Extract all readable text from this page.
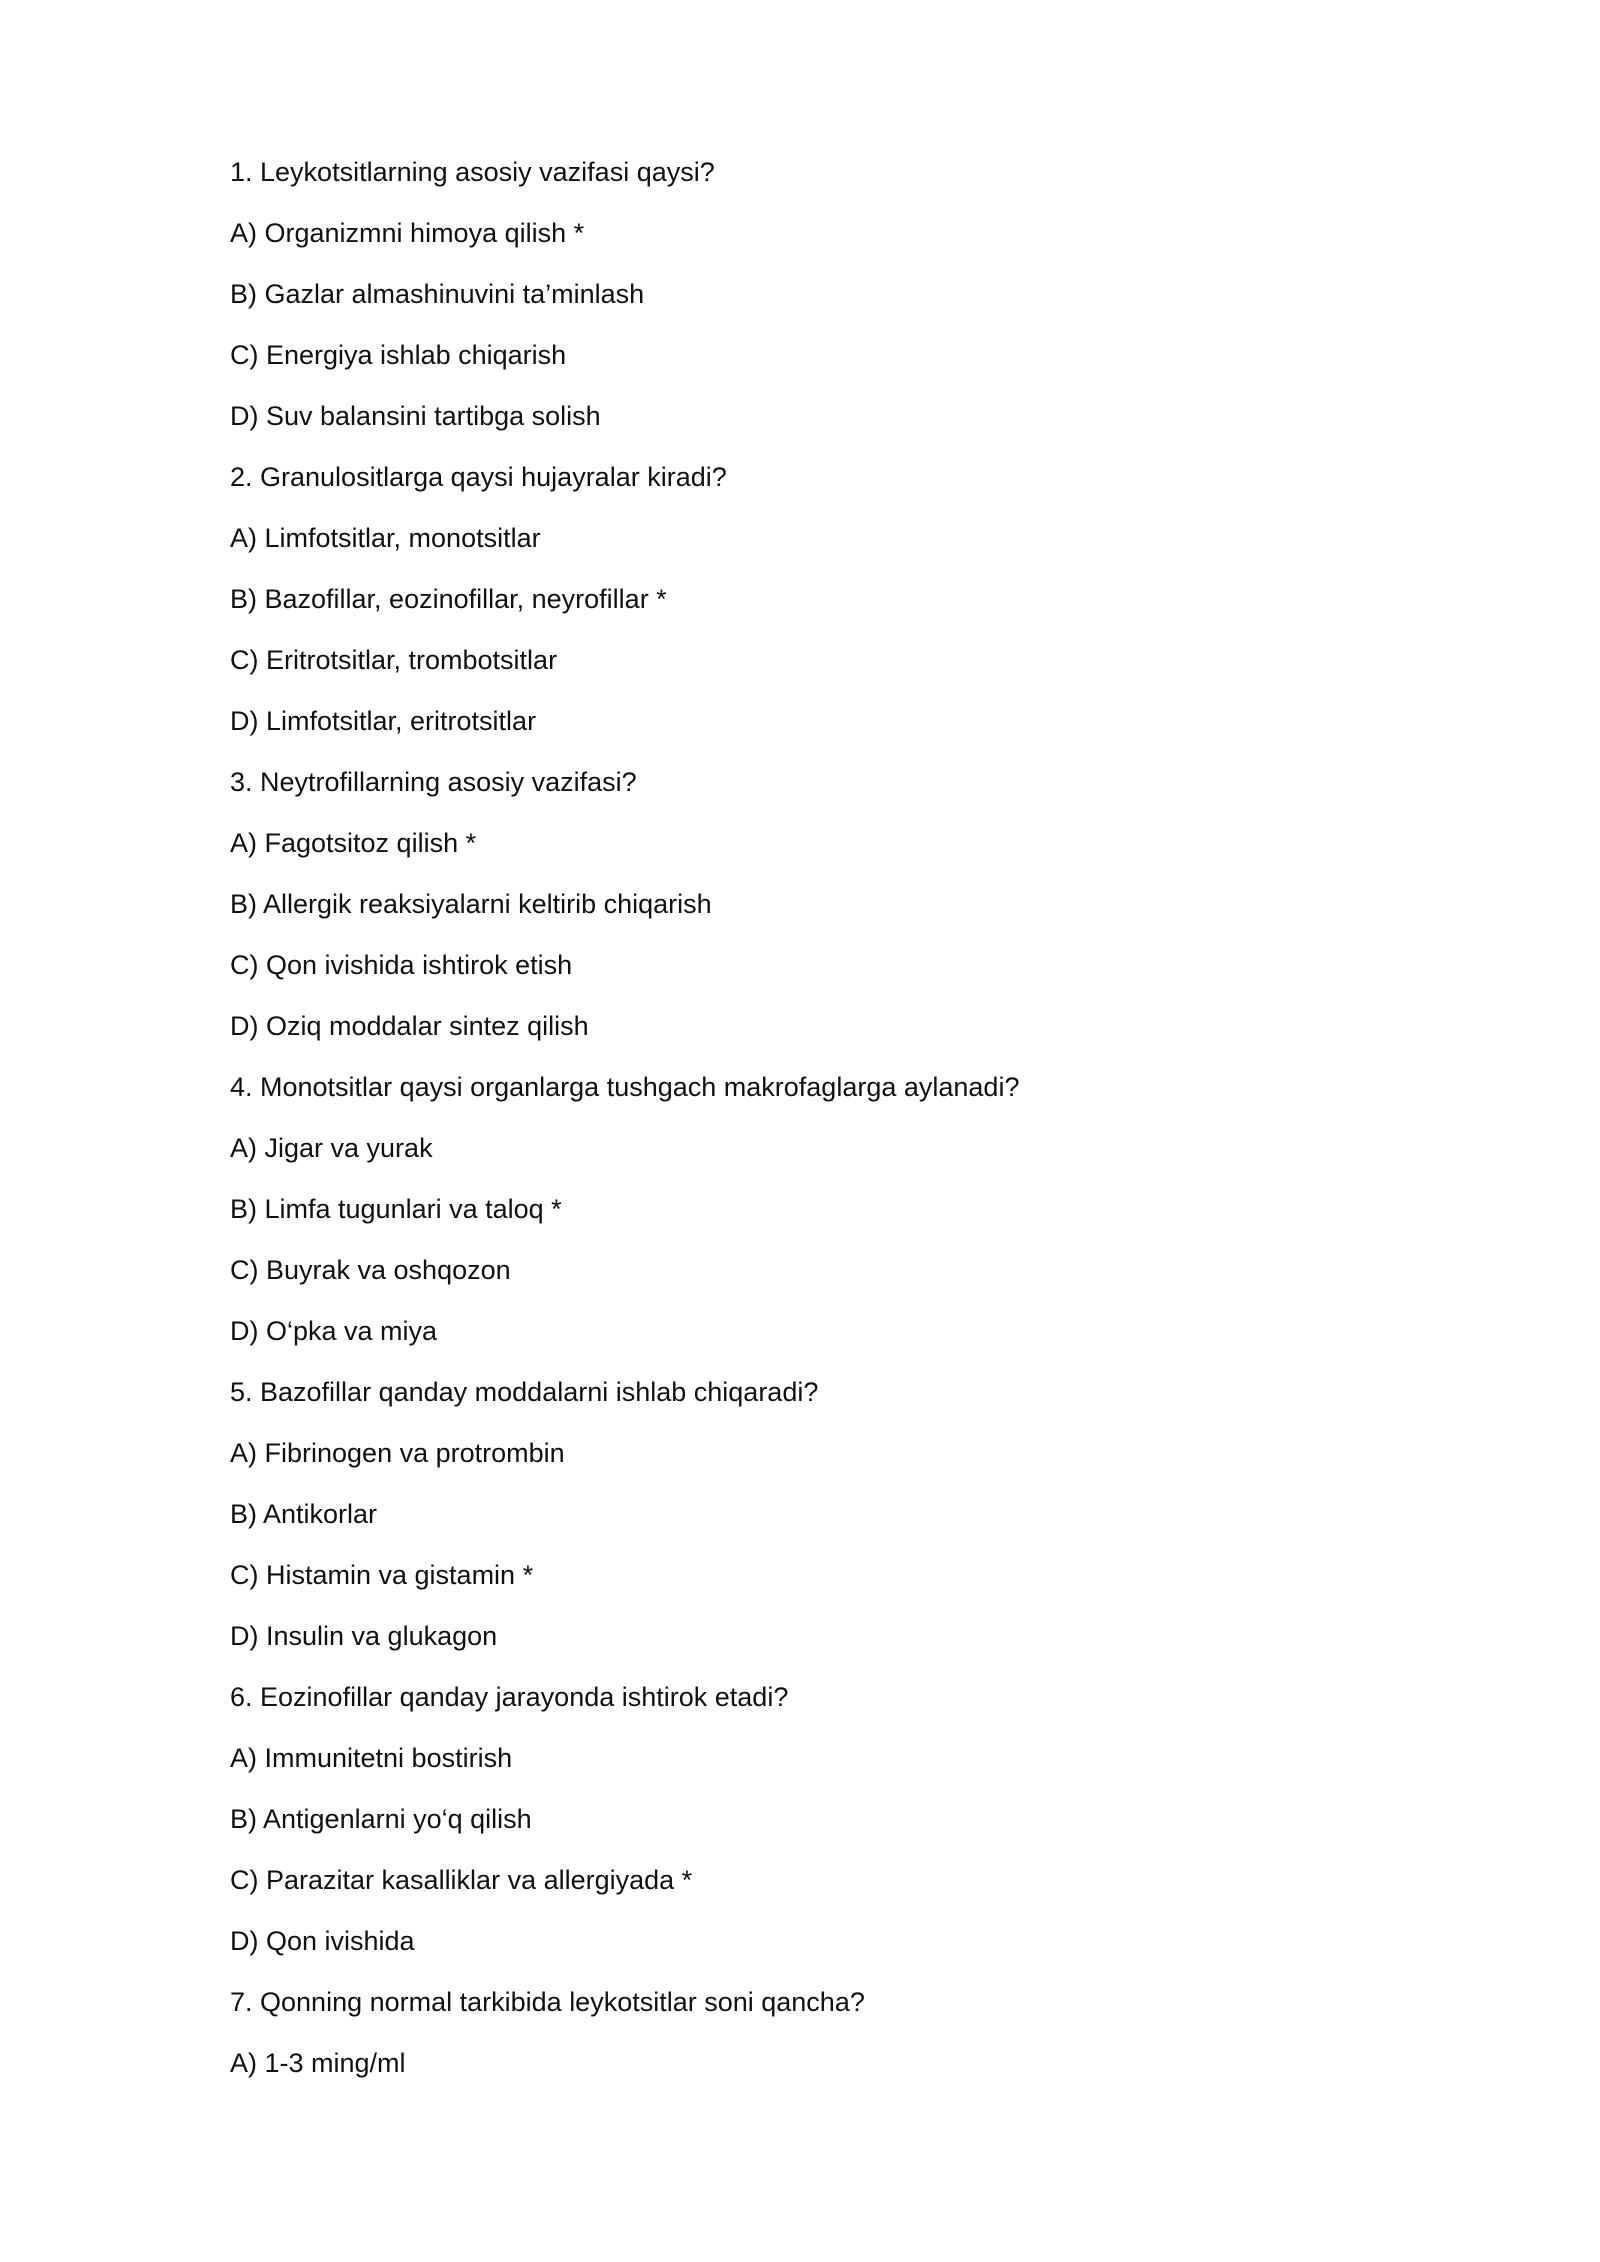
1. Leykotsitlarning asosiy vazifasi qaysi?
A) Organizmni himoya qilish *
B) Gazlar almashinuvini ta’minlash
C) Energiya ishlab chiqarish
D) Suv balansini tartibga solish
2. Granulositlarga qaysi hujayralar kiradi?
A) Limfotsitlar, monotsitlar
B) Bazofillar, eozinofillar, neyrofillar *
C) Eritrotsitlar, trombotsitlar
D) Limfotsitlar, eritrotsitlar
3. Neytrofillarning asosiy vazifasi?
A) Fagotsitoz qilish *
B) Allergik reaksiyalarni keltirib chiqarish
C) Qon ivishida ishtirok etish
D) Oziq moddalar sintez qilish
4. Monotsitlar qaysi organlarga tushgach makrofaglarga aylanadi?
A) Jigar va yurak
B) Limfa tugunlari va taloq *
C) Buyrak va oshqozon
D) O‘pka va miya
5. Bazofillar qanday moddalarni ishlab chiqaradi?
A) Fibrinogen va protrombin
B) Antikorlar
C) Histamin va gistamin *
D) Insulin va glukagon
6. Eozinofillar qanday jarayonda ishtirok etadi?
A) Immunitetni bostirish
B) Antigenlarni yo‘q qilish
C) Parazitar kasalliklar va allergiyada *
D) Qon ivishida
7. Qonning normal tarkibida leykotsitlar soni qancha?
A) 1-3 ming/ml
